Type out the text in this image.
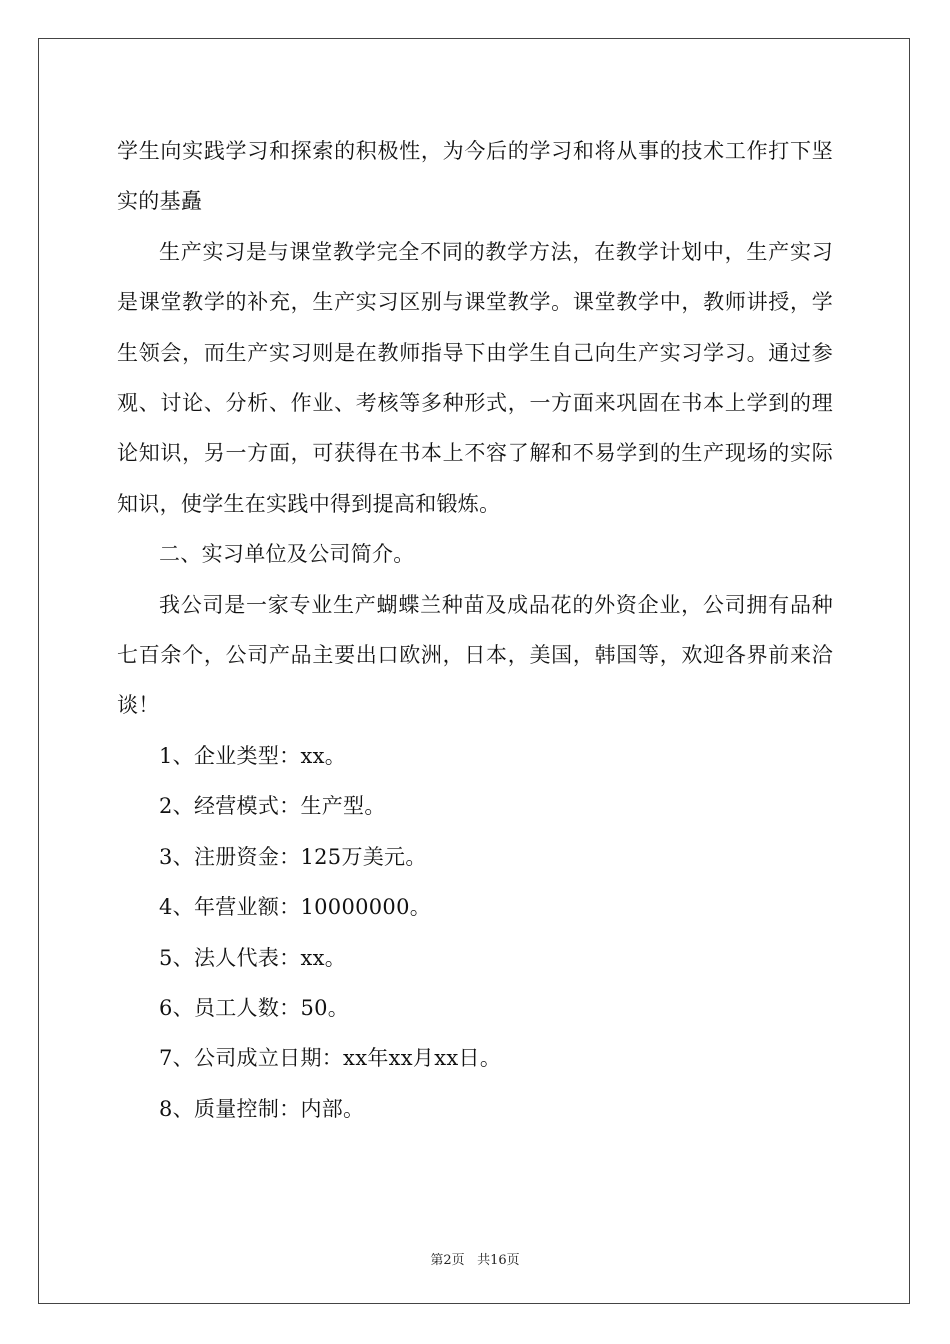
学生向实践学习和探索的积极性，为今后的学习和将从事的技术工作打下坚实的基矗

生产实习是与课堂教学完全不同的教学方法，在教学计划中，生产实习是课堂教学的补充，生产实习区别与课堂教学。课堂教学中，教师讲授，学生领会，而生产实习则是在教师指导下由学生自己向生产实习学习。通过参观、讨论、分析、作业、考核等多种形式，一方面来巩固在书本上学到的理论知识，另一方面，可获得在书本上不容了解和不易学到的生产现场的实际知识，使学生在实践中得到提高和锻炼。

二、实习单位及公司简介。

我公司是一家专业生产蝴蝶兰种苗及成品花的外资企业，公司拥有品种七百余个，公司产品主要出口欧洲，日本，美国，韩国等，欢迎各界前来洽谈！

1、企业类型：xx。

2、经营模式：生产型。

3、注册资金：125万美元。

4、年营业额：10000000。

5、法人代表：xx。

6、员工人数：50。

7、公司成立日期：xx年xx月xx日。

8、质量控制：内部。

第2页 共16页
